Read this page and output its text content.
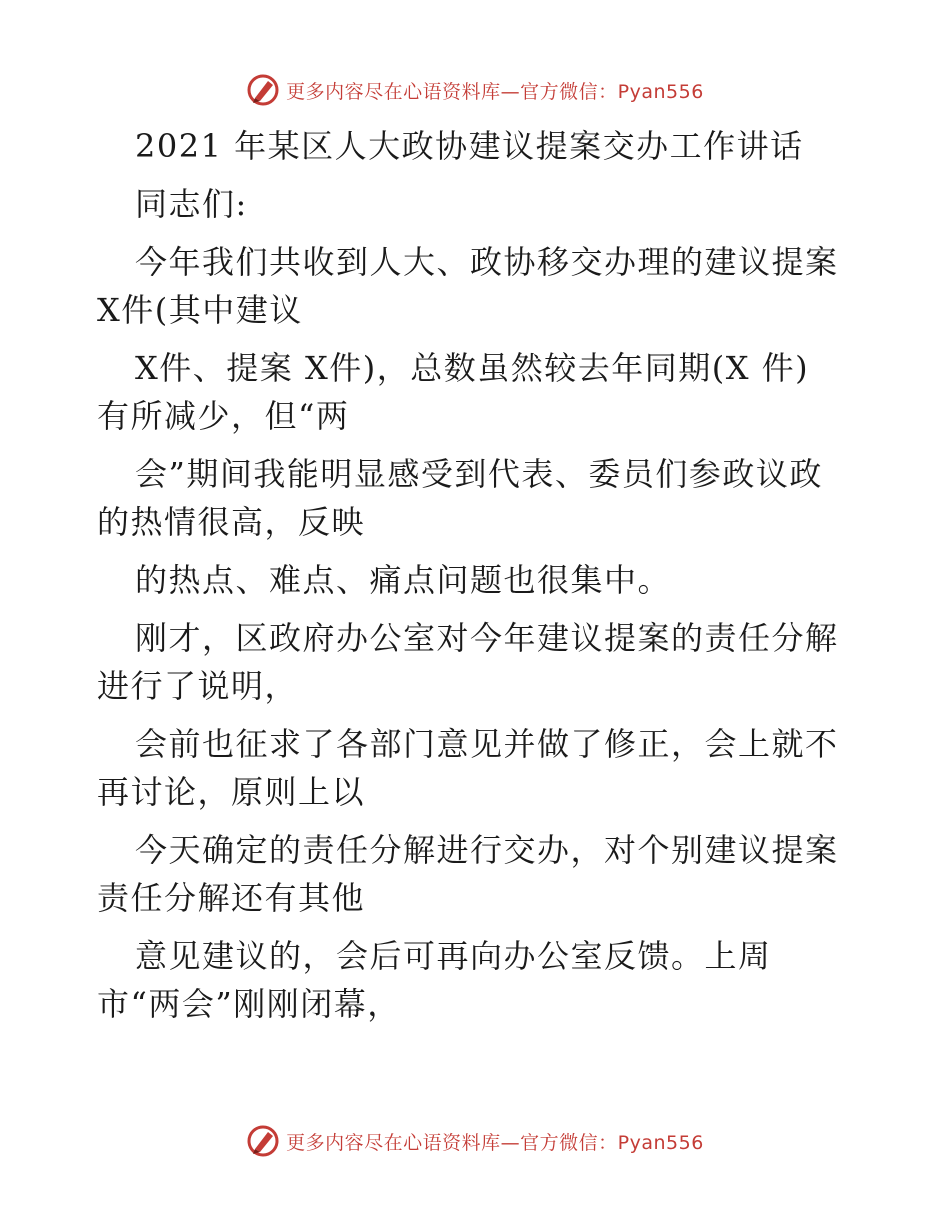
更多内容尽在心语资料库—官方微信：Pyan556
2021 年某区人大政协建议提案交办工作讲话
同志们:
今年我们共收到人大、政协移交办理的建议提案
X件(其中建议
X件、提案 X件)，总数虽然较去年同期(X 件)
有所减少，但“两
会”期间我能明显感受到代表、委员们参政议政
的热情很高，反映
的热点、难点、痛点问题也很集中。
刚才，区政府办公室对今年建议提案的责任分解
进行了说明，
会前也征求了各部门意见并做了修正，会上就不
再讨论，原则上以
今天确定的责任分解进行交办，对个别建议提案
责任分解还有其他
意见建议的，会后可再向办公室反馈。上周
市“两会”刚刚闭幕，
更多内容尽在心语资料库—官方微信：Pyan556
